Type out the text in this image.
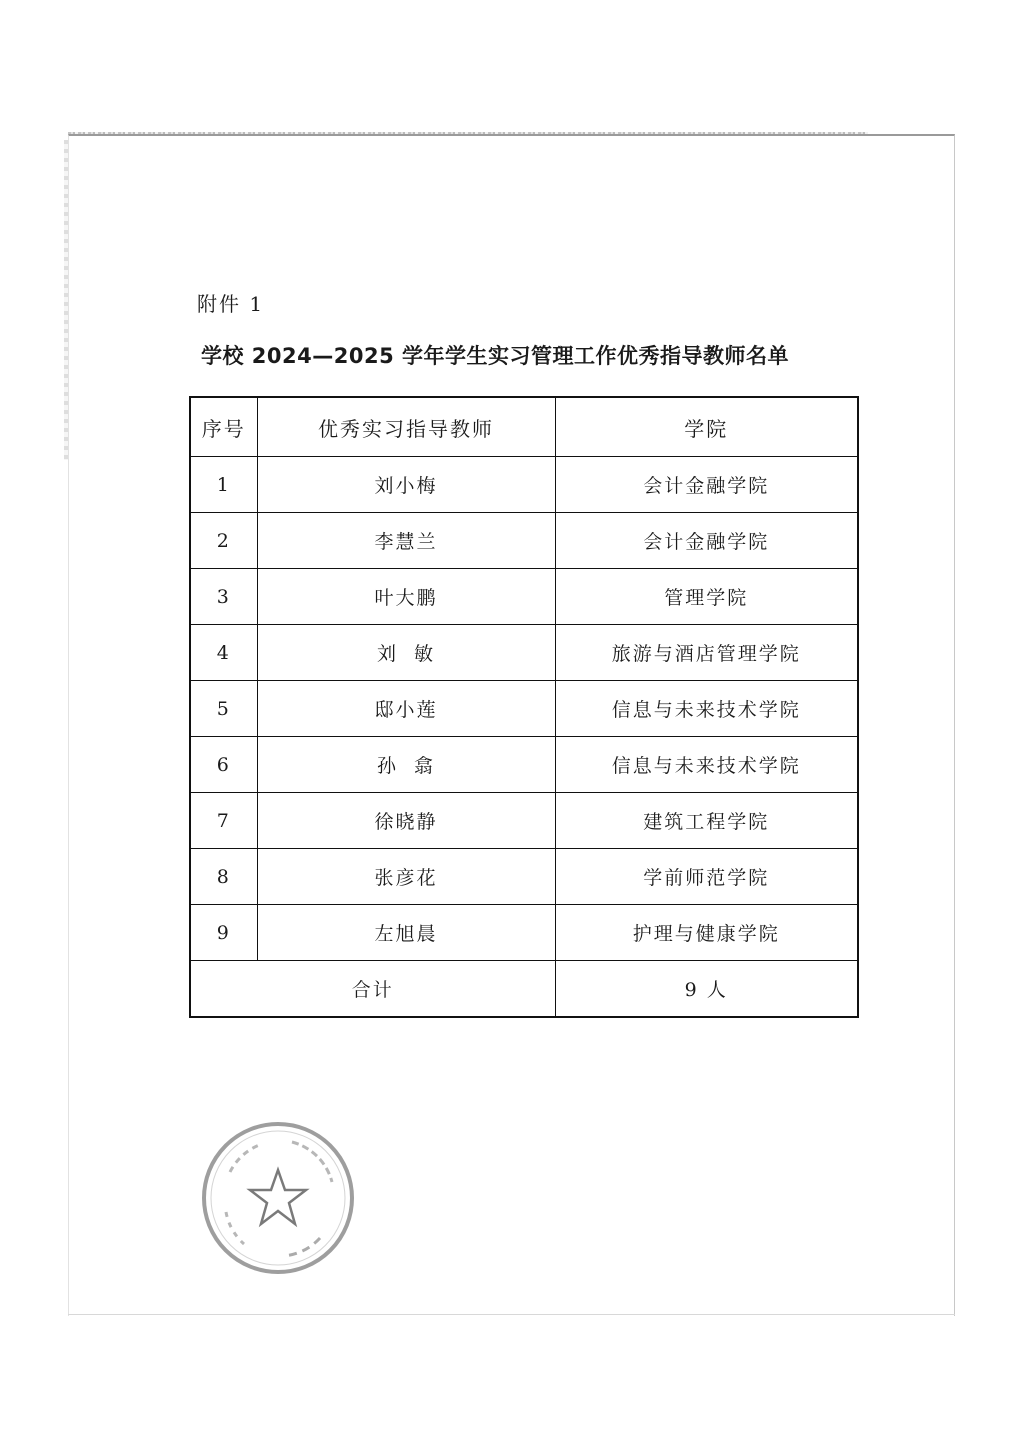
附件 1
学校 2024—2025 学年学生实习管理工作优秀指导教师名单
序号	优秀实习指导教师	学院
1	刘小梅	会计金融学院
2	李慧兰	会计金融学院
3	叶大鹏	管理学院
4	刘  敏	旅游与酒店管理学院
5	邸小莲	信息与未来技术学院
6	孙  翕	信息与未来技术学院
7	徐晓静	建筑工程学院
8	张彦花	学前师范学院
9	左旭晨	护理与健康学院
合计		9 人
